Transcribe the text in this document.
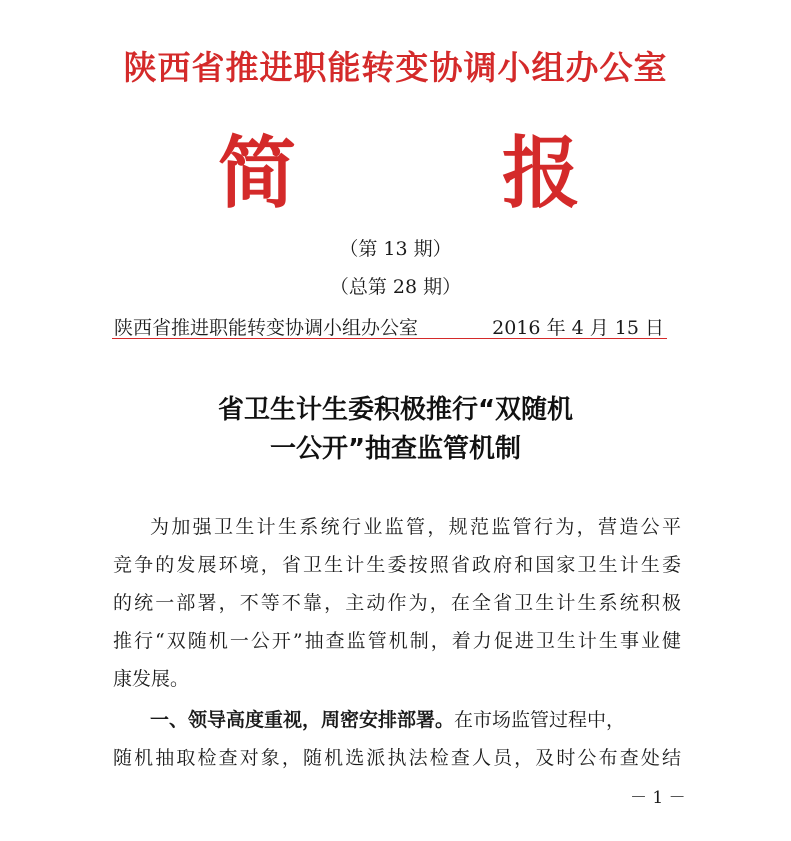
陕西省推进职能转变协调小组办公室
简	报
（第 13 期）
（总第 28 期）
陕西省推进职能转变协调小组办公室	2016 年 4 月 15 日
省卫生计生委积极推行“双随机
一公开”抽查监管机制
为加强卫生计生系统行业监管，规范监管行为，营造公平
竞争的发展环境，省卫生计生委按照省政府和国家卫生计生委
的统一部署，不等不靠，主动作为，在全省卫生计生系统积极
推行“双随机一公开”抽查监管机制，着力促进卫生计生事业健
康发展。
一、领导高度重视，周密安排部署。在市场监管过程中，
随机抽取检查对象，随机选派执法检查人员，及时公布查处结
－ 1 －
